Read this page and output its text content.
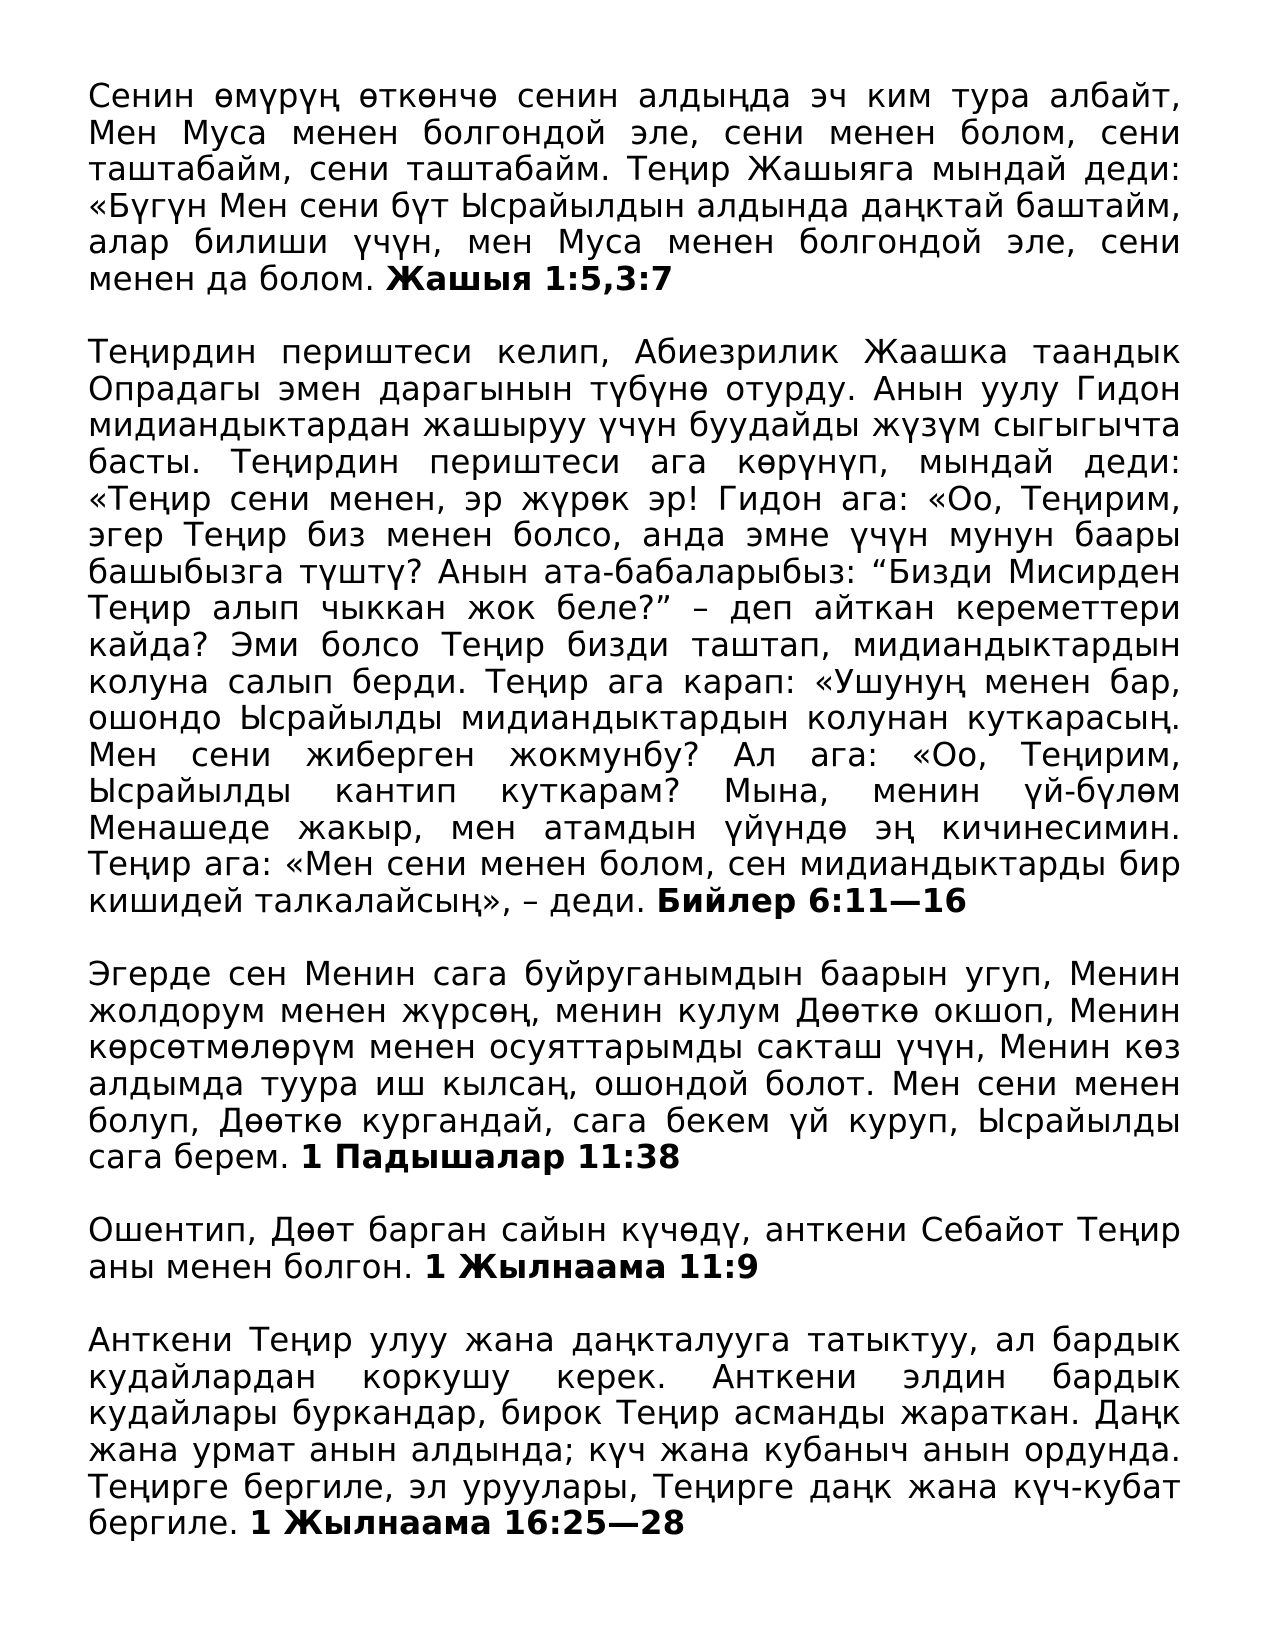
Сенин өмүрүң өткөнчө сенин алдыңда эч ким тура албайт, Мен Муса менен болгондой эле, сени менен болом, сени таштабайм, сени таштабайм. Теңир Жашыяга мындай деди: «Бүгүн Мен сени бүт Ысрайылдын алдында даңктай баштайм, алар билиши үчүн, мен Муса менен болгондой эле, сени менен да болом. Жашыя 1:5,3:7

Теңирдин периштеси келип, Абиезрилик Жаашка таандык Опрадагы эмен дарагынын түбүнө отурду. Анын уулу Гидон мидиандыктардан жашыруу үчүн буудайды жүзүм сыгыгычта басты. Теңирдин периштеси ага көрүнүп, мындай деди: «Теңир сени менен, эр жүрөк эр! Гидон ага: «Оо, Теңирим, эгер Теңир биз менен болсо, анда эмне үчүн мунун баары башыбызга түштү? Анын ата-бабаларыбыз: “Бизди Мисирден Теңир алып чыккан жок беле?” – деп айткан кереметтери кайда? Эми болсо Теңир бизди таштап, мидиандыктардын колуна салып берди. Теңир ага карап: «Ушунуң менен бар, ошондо Ысрайылды мидиандыктардын колунан куткарасың. Мен сени жиберген жокмунбу? Ал ага: «Оо, Теңирим, Ысрайылды кантип куткарам? Мына, менин үй-бүлөм Менашеде жакыр, мен атамдын үйүндө эң кичинесимин. Теңир ага: «Мен сени менен болом, сен мидиандыктарды бир кишидей талкалайсың», – деди. Бийлер 6:11—16

Эгерде сен Менин сага буйруганымдын баарын угуп, Менин жолдорум менен жүрсөң, менин кулум Дөөткө окшоп, Менин көрсөтмөлөрүм менен осуяттарымды сакташ үчүн, Менин көз алдымда туура иш кылсаң, ошондой болот. Мен сени менен болуп, Дөөткө кургандай, сага бекем үй куруп, Ысрайылды сага берем. 1 Падышалар 11:38

Ошентип, Дөөт барган сайын күчөдү, анткени Себайот Теңир аны менен болгон. 1 Жылнаама 11:9

Анткени Теңир улуу жана даңкталууга татыктуу, ал бардык кудайлардан коркушу керек. Анткени элдин бардык кудайлары буркандар, бирок Теңир асманды жараткан. Даңк жана урмат анын алдында; күч жана кубаныч анын ордунда. Теңирге бергиле, эл уруулары, Теңирге даңк жана күч-кубат бергиле. 1 Жылнаама 16:25—28
